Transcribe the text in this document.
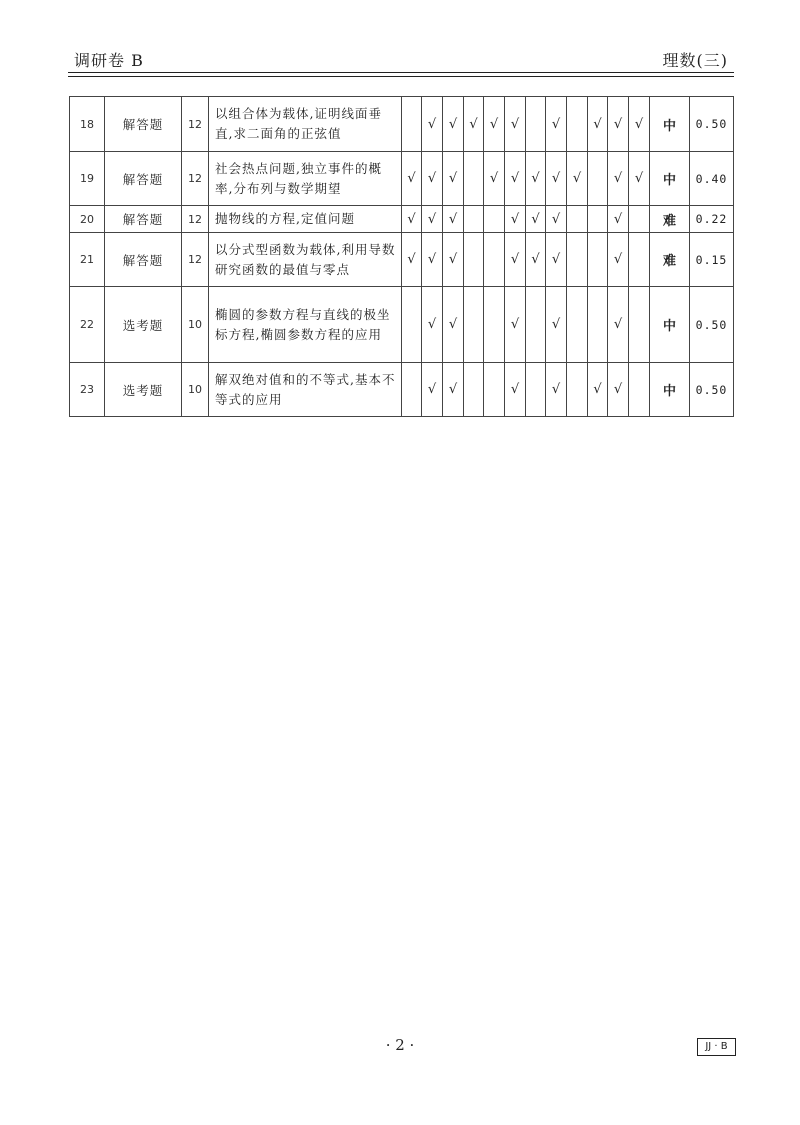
调研卷 B	理数(三)
18	解答题	12	以组合体为载体,证明线面垂直,求二面角的正弦值		√	√	√	√	√		√		√	√	√	中	0.50
19	解答题	12	社会热点问题,独立事件的概率,分布列与数学期望	√	√	√		√	√	√	√	√		√	√	中	0.40
20	解答题	12	抛物线的方程,定值问题	√	√	√			√	√	√			√		难	0.22
21	解答题	12	以分式型函数为载体,利用导数研究函数的最值与零点	√	√	√			√	√	√			√		难	0.15
22	选考题	10	椭圆的参数方程与直线的极坐标方程,椭圆参数方程的应用		√	√			√		√			√		中	0.50
23	选考题	10	解双绝对值和的不等式,基本不等式的应用		√	√			√		√		√	√		中	0.50
· 2 ·	JJ · B
